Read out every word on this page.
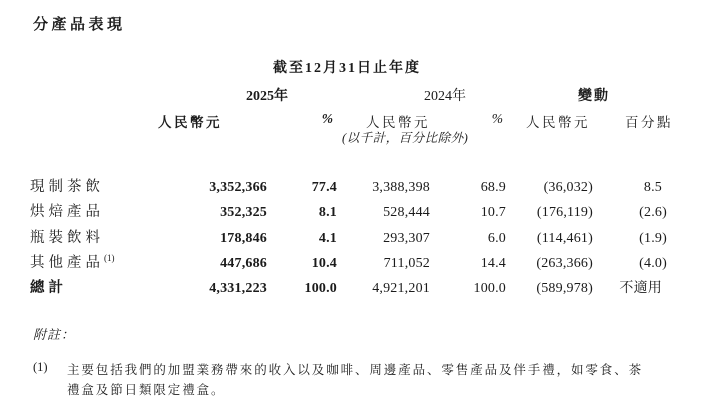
分產品表現
截至12月31日止年度
2025年	2024年	變動
人民幣元	% 人民幣元	% 人民幣元	百分點
(以千計，百分比除外)
現制茶飲	3,352,366	77.4	3,388,398	68.9	(36,032)	8.5
烘焙產品	352,325	8.1	528,444	10.7	(176,119)	(2.6)
瓶裝飲料	178,846	4.1	293,307	6.0	(114,461)	(1.9)
其他產品$^{(1)}$	447,686	10.4	711,052	14.4	(263,366)	(4.0)
總計	4,331,223	100.0	4,921,201	100.0	(589,978)	不適用
附註：
(1)	主要包括我們的加盟業務帶來的收入以及咖啡、周邊產品、零售產品及伴手禮，如零食、茶禮盒及節日類限定禮盒。
